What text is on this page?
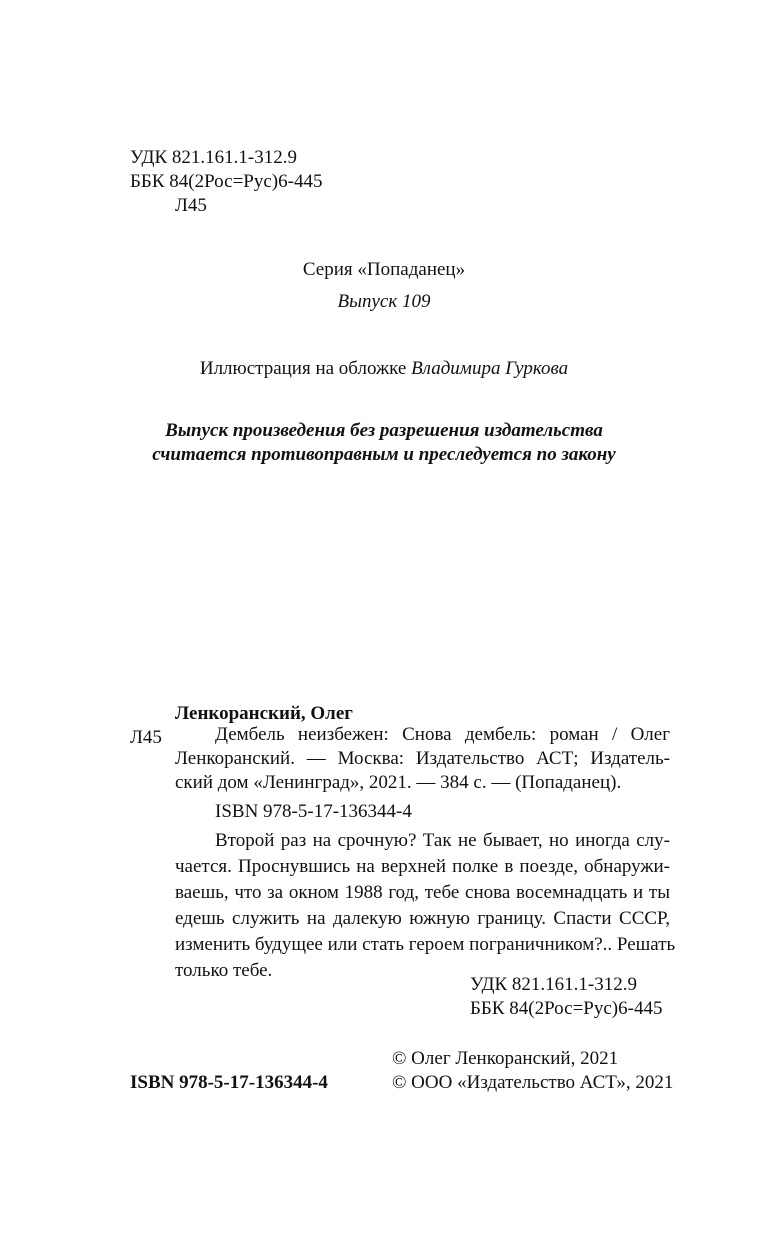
УДК 821.161.1-312.9
ББК 84(2Рос=Рус)6-445
Л45
Серия «Попаданец»
Выпуск 109
Иллюстрация на обложке Владимира Гуркова
Выпуск произведения без разрешения издательства
считается противоправным и преследуется по закону
Ленкоранский, Олег
Л45	Дембель неизбежен: Снова дембель: роман / Олег
Ленкоранский. — Москва: Издательство АСТ; Издатель-
ский дом «Ленинград», 2021. — 384 с. — (Попаданец).
ISBN 978-5-17-136344-4
Второй раз на срочную? Так не бывает, но иногда слу-
чается. Проснувшись на верхней полке в поезде, обнаружи-
ваешь, что за окном 1988 год, тебе снова восемнадцать и ты
едешь служить на далекую южную границу. Спасти СССР,
изменить будущее или стать героем пограничником?.. Решать
только тебе.
УДК 821.161.1-312.9
ББК 84(2Рос=Рус)6-445
© Олег Ленкоранский, 2021
ISBN 978-5-17-136344-4	© ООО «Издательство АСТ», 2021
